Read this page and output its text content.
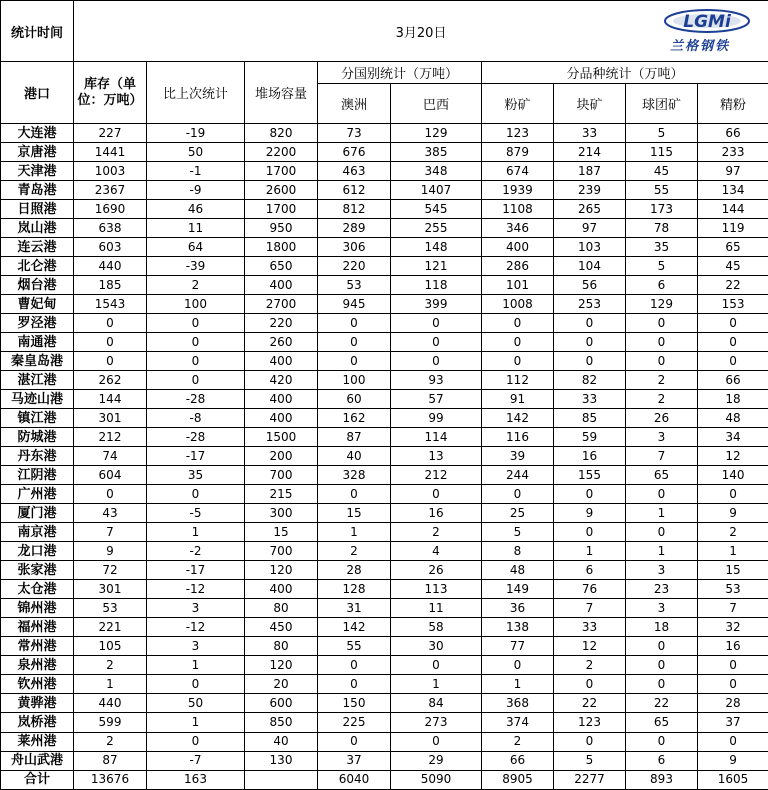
统计时间	3月20日
LGMi
兰格钢铁								

港口	库存（单位：万吨）	比上次统计	堆场容量	分国别统计（万吨）		分品种统计（万吨）			
				澳洲	巴西	粉矿	块矿	球团矿	精粉
大连港	227	-19	820	73	129	123	33	5	66
京唐港	1441	50	2200	676	385	879	214	115	233
天津港	1003	-1	1700	463	348	674	187	45	97
青岛港	2367	-9	2600	612	1407	1939	239	55	134
日照港	1690	46	1700	812	545	1108	265	173	144
岚山港	638	11	950	289	255	346	97	78	119
连云港	603	64	1800	306	148	400	103	35	65
北仑港	440	-39	650	220	121	286	104	5	45
烟台港	185	2	400	53	118	101	56	6	22
曹妃甸	1543	100	2700	945	399	1008	253	129	153
罗泾港	0	0	220	0	0	0	0	0	0
南通港	0	0	260	0	0	0	0	0	0
秦皇岛港	0	0	400	0	0	0	0	0	0
湛江港	262	0	420	100	93	112	82	2	66
马迹山港	144	-28	400	60	57	91	33	2	18
镇江港	301	-8	400	162	99	142	85	26	48
防城港	212	-28	1500	87	114	116	59	3	34
丹东港	74	-17	200	40	13	39	16	7	12
江阴港	604	35	700	328	212	244	155	65	140
广州港	0	0	215	0	0	0	0	0	0
厦门港	43	-5	300	15	16	25	9	1	9
南京港	7	1	15	1	2	5	0	0	2
龙口港	9	-2	700	2	4	8	1	1	1
张家港	72	-17	120	28	26	48	6	3	15
太仓港	301	-12	400	128	113	149	76	23	53
锦州港	53	3	80	31	11	36	7	3	7
福州港	221	-12	450	142	58	138	33	18	32
常州港	105	3	80	55	30	77	12	0	16
泉州港	2	1	120	0	0	0	2	0	0
钦州港	1	0	20	0	1	1	0	0	0
黄骅港	440	50	600	150	84	368	22	22	28
岚桥港	599	1	850	225	273	374	123	65	37
莱州港	2	0	40	0	0	2	0	0	0
舟山武港	87	-7	130	37	29	66	5	6	9
合计	13676	163		6040	5090	8905	2277	893	1605
